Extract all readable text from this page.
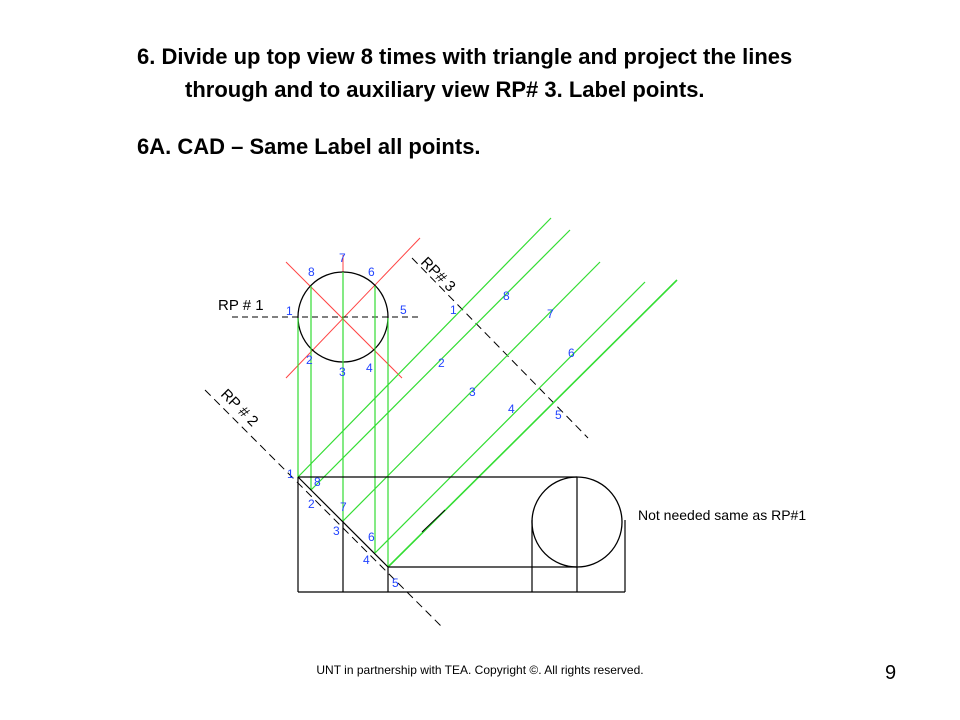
6. Divide up top view 8 times with triangle and project the lines
through and to auxiliary view RP# 3. Label points.
6A. CAD – Same Label all points.
RP # 1
RP # 2
RP# 3
Not needed same as RP#1
1
2
3 4
5
6
7
8
1
8
2 7
3 6
4
5
1
8
7
2
6
3
4	5
UNT in partnership with TEA. Copyright ©. All rights reserved.	9
